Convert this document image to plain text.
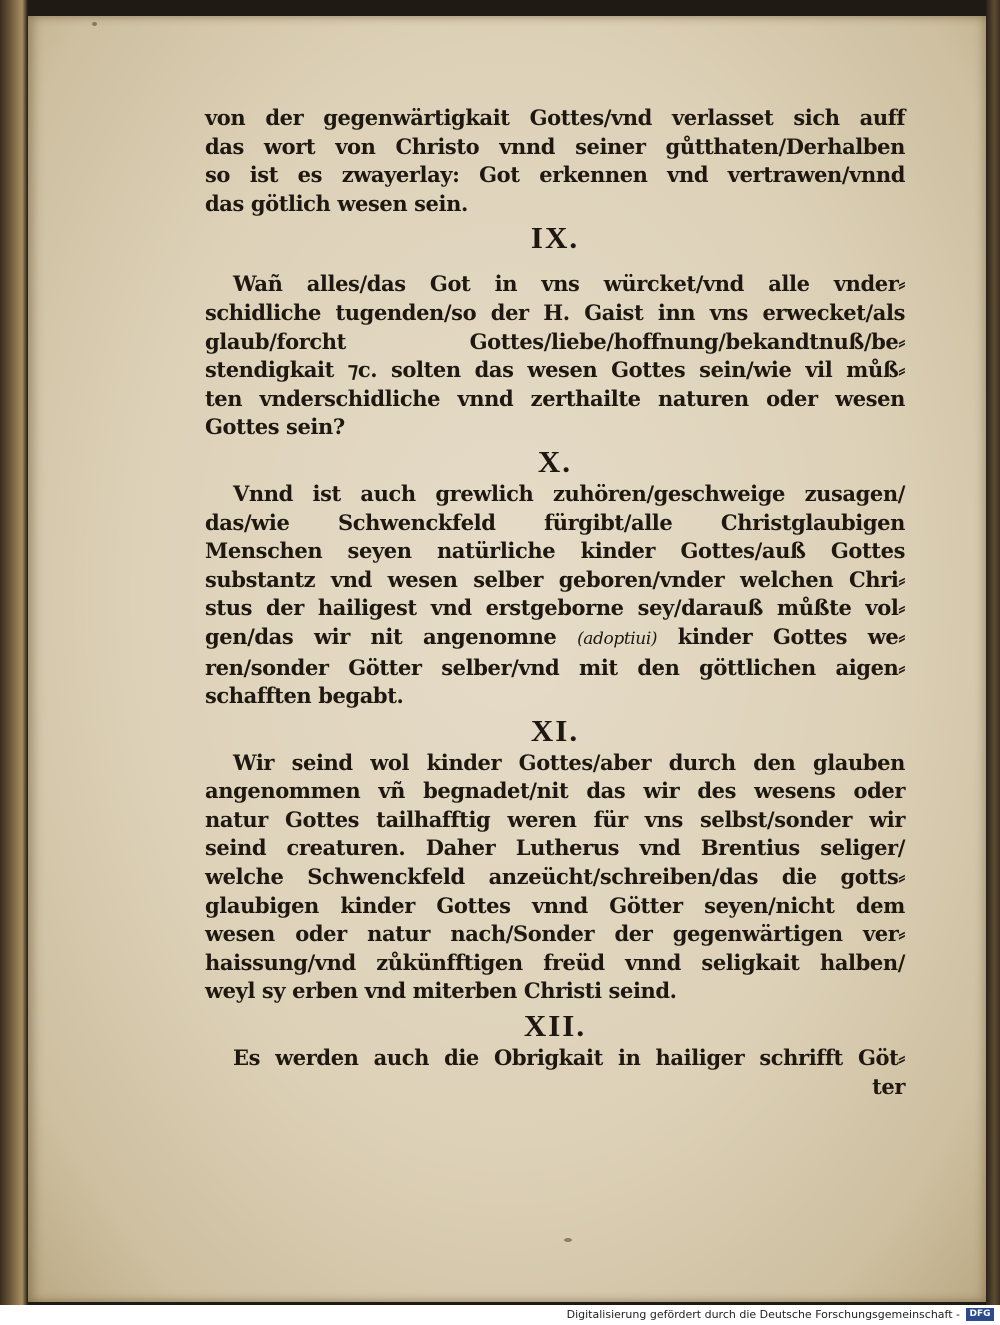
von der gegenwärtigkait Gottes/vnd verlasset sich auff
das wort von Christo vnnd seiner gůtthaten/Derhalben
so ist es zwayerlay: Got erkennen vnd vertrawen/vnnd
das götlich wesen sein.
IX.
Wañ alles/das Got in vns würcket/vnd alle vnder⸗
schidliche tugenden/so der H. Gaist inn vns erwecket/als
glaub/forcht Gottes/liebe/hoffnung/bekandtnuß/be⸗
stendigkait ⁊c. solten das wesen Gottes sein/wie vil můß⸗
ten vnderschidliche vnnd zerthailte naturen oder wesen
Gottes sein?
X.
Vnnd ist auch grewlich zuhören/geschweige zusagen/
das/wie Schwenckfeld fürgibt/alle Christglaubigen
Menschen seyen natürliche kinder Gottes/auß Gottes
substantz vnd wesen selber geboren/vnder welchen Chri⸗
stus der hailigest vnd erstgeborne sey/darauß můßte vol⸗
gen/das wir nit angenomne (adoptiui) kinder Gottes we⸗
ren/sonder Götter selber/vnd mit den göttlichen aigen⸗
schafften begabt.
XI.
Wir seind wol kinder Gottes/aber durch den glauben
angenommen vñ begnadet/nit das wir des wesens oder
natur Gottes tailhafftig weren für vns selbst/sonder wir
seind creaturen. Daher Lutherus vnd Brentius seliger/
welche Schwenckfeld anzeücht/schreiben/das die gotts⸗
glaubigen kinder Gottes vnnd Götter seyen/nicht dem
wesen oder natur nach/Sonder der gegenwärtigen ver⸗
haissung/vnd zůkünfftigen freüd vnnd seligkait halben/
weyl sy erben vnd miterben Christi seind.
XII.
Es werden auch die Obrigkait in hailiger schrifft Göt⸗
ter
Digitalisierung gefördert durch die Deutsche Forschungsgemeinschaft -	DFG
